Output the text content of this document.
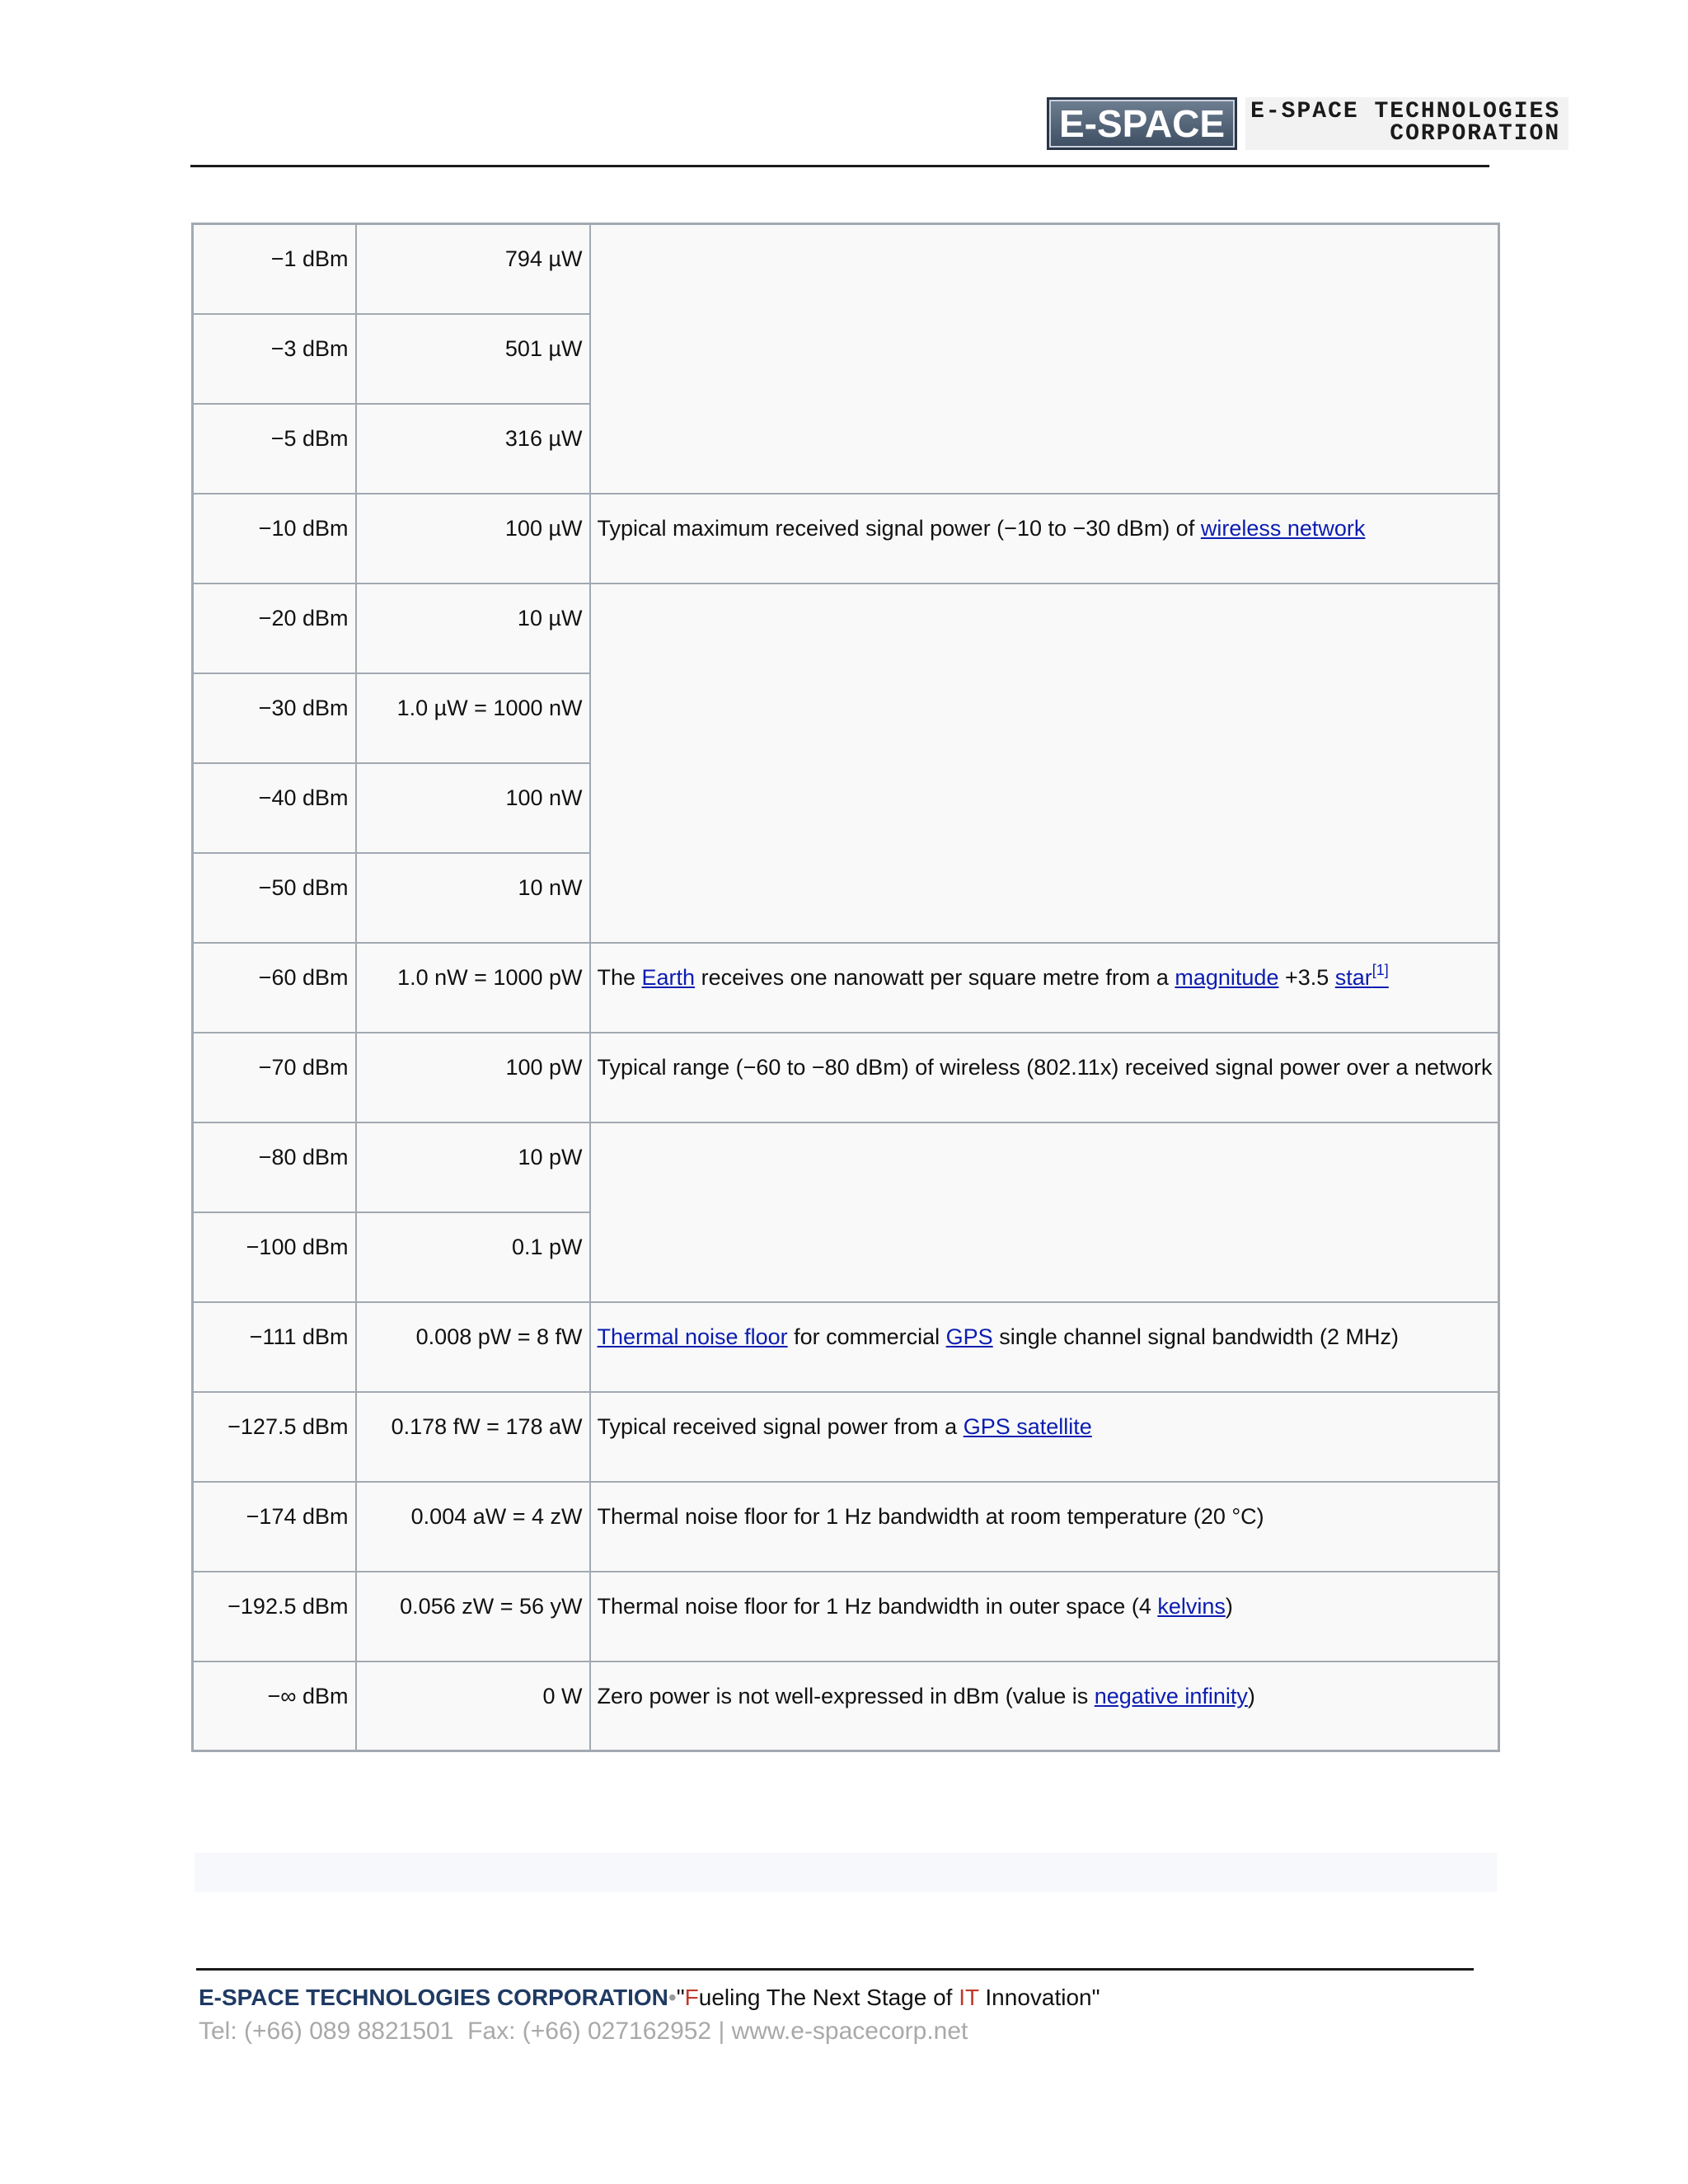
E-SPACE	E-SPACE TECHNOLOGIES
CORPORATION
−1 dBm	794 µW	
−3 dBm	501 µW	
−5 dBm	316 µW	
−10 dBm	100 µW	Typical maximum received signal power (−10 to −30 dBm) of wireless network
−20 dBm	10 µW	
−30 dBm	1.0 µW = 1000 nW	
−40 dBm	100 nW	
−50 dBm	10 nW	
−60 dBm	1.0 nW = 1000 pW	The Earth receives one nanowatt per square metre from a magnitude +3.5 star[1]
−70 dBm	100 pW	Typical range (−60 to −80 dBm) of wireless (802.11x) received signal power over a network
−80 dBm	10 pW	
−100 dBm	0.1 pW	
−111 dBm	0.008 pW = 8 fW	Thermal noise floor for commercial GPS single channel signal bandwidth (2 MHz)
−127.5 dBm	0.178 fW = 178 aW	Typical received signal power from a GPS satellite
−174 dBm	0.004 aW = 4 zW	Thermal noise floor for 1 Hz bandwidth at room temperature (20 °C)
−192.5 dBm	0.056 zW = 56 yW	Thermal noise floor for 1 Hz bandwidth in outer space (4 kelvins)
−∞ dBm	0 W	Zero power is not well-expressed in dBm (value is negative infinity)
E-SPACE TECHNOLOGIES CORPORATION•"Fueling The Next Stage of IT Innovation"
Tel: (+66) 089 8821501  Fax: (+66) 027162952 | www.e-spacecorp.net
